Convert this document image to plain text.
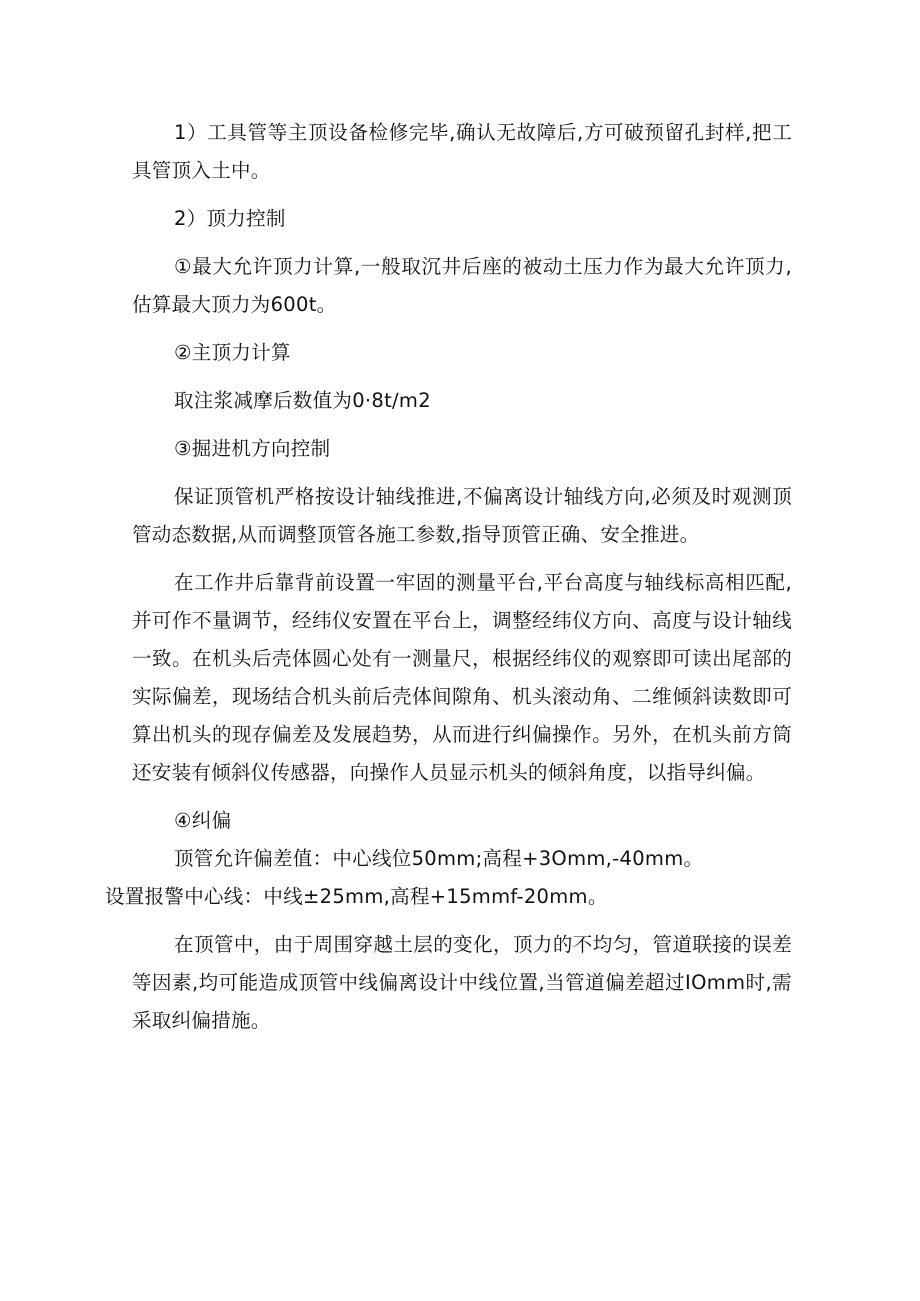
1）工具管等主顶设备检修完毕,确认无故障后,方可破预留孔封样,把工具管顶入土中。

2）顶力控制

①最大允许顶力计算,一般取沉井后座的被动土压力作为最大允许顶力,估算最大顶力为600t。

②主顶力计算

取注浆减摩后数值为0·8t∕m2

③掘进机方向控制

保证顶管机严格按设计轴线推进,不偏离设计轴线方向,必须及时观测顶管动态数据,从而调整顶管各施工参数,指导顶管正确、安全推进。

在工作井后靠背前设置一牢固的测量平台,平台高度与轴线标高相匹配,并可作不量调节，经纬仪安置在平台上，调整经纬仪方向、高度与设计轴线一致。在机头后壳体圆心处有一测量尺，根据经纬仪的观察即可读出尾部的实际偏差，现场结合机头前后壳体间隙角、机头滚动角、二维倾斜读数即可算出机头的现存偏差及发展趋势，从而进行纠偏操作。另外，在机头前方筒还安装有倾斜仪传感器，向操作人员显示机头的倾斜角度，以指导纠偏。

④纠偏

顶管允许偏差值：中心线位50mm;高程+3Omm,-40mm。

设置报警中心线：中线±25mm,高程+15mmf-20mm。

在顶管中，由于周围穿越土层的变化，顶力的不均匀，管道联接的误差等因素,均可能造成顶管中线偏离设计中线位置,当管道偏差超过IOmm时,需采取纠偏措施。
